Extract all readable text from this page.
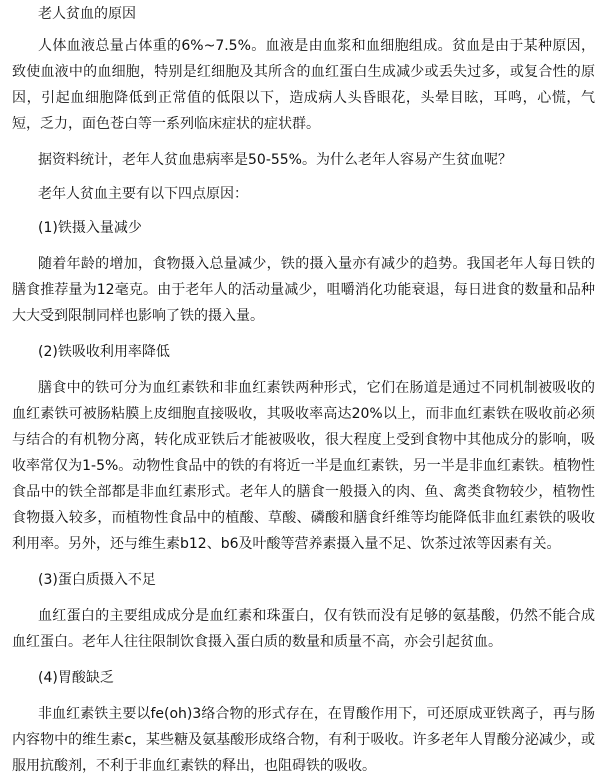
老人贫血的原因

人体血液总量占体重的6%~7.5%。血液是由血浆和血细胞组成。贫血是由于某种原因，致使血液中的血细胞，特别是红细胞及其所含的血红蛋白生成减少或丢失过多，或复合性的原因，引起血细胞降低到正常值的低限以下，造成病人头昏眼花，头晕目眩，耳鸣，心慌，气短，乏力，面色苍白等一系列临床症状的症状群。

据资料统计，老年人贫血患病率是50-55%。为什么老年人容易产生贫血呢？

老年人贫血主要有以下四点原因：

(1)铁摄入量减少

随着年龄的增加，食物摄入总量减少，铁的摄入量亦有减少的趋势。我国老年人每日铁的膳食推荐量为12毫克。由于老年人的活动量减少，咀嚼消化功能衰退，每日进食的数量和品种大大受到限制同样也影响了铁的摄入量。

(2)铁吸收利用率降低

膳食中的铁可分为血红素铁和非血红素铁两种形式，它们在肠道是通过不同机制被吸收的血红素铁可被肠粘膜上皮细胞直接吸收，其吸收率高达20%以上，而非血红素铁在吸收前必须与结合的有机物分离，转化成亚铁后才能被吸收，很大程度上受到食物中其他成分的影响，吸收率常仅为1-5%。动物性食品中的铁的有将近一半是血红素铁，另一半是非血红素铁。植物性食品中的铁全部都是非血红素形式。老年人的膳食一般摄入的肉、鱼、禽类食物较少，植物性食物摄入较多，而植物性食品中的植酸、草酸、磷酸和膳食纤维等均能降低非血红素铁的吸收利用率。另外，还与维生素b12、b6及叶酸等营养素摄入量不足、饮茶过浓等因素有关。

(3)蛋白质摄入不足

血红蛋白的主要组成成分是血红素和珠蛋白，仅有铁而没有足够的氨基酸，仍然不能合成血红蛋白。老年人往往限制饮食摄入蛋白质的数量和质量不高，亦会引起贫血。

(4)胃酸缺乏

非血红素铁主要以fe(oh)3络合物的形式存在，在胃酸作用下，可还原成亚铁离子，再与肠内容物中的维生素c，某些糖及氨基酸形成络合物，有利于吸收。许多老年人胃酸分泌减少，或服用抗酸剂，不利于非血红素铁的释出，也阻碍铁的吸收。
